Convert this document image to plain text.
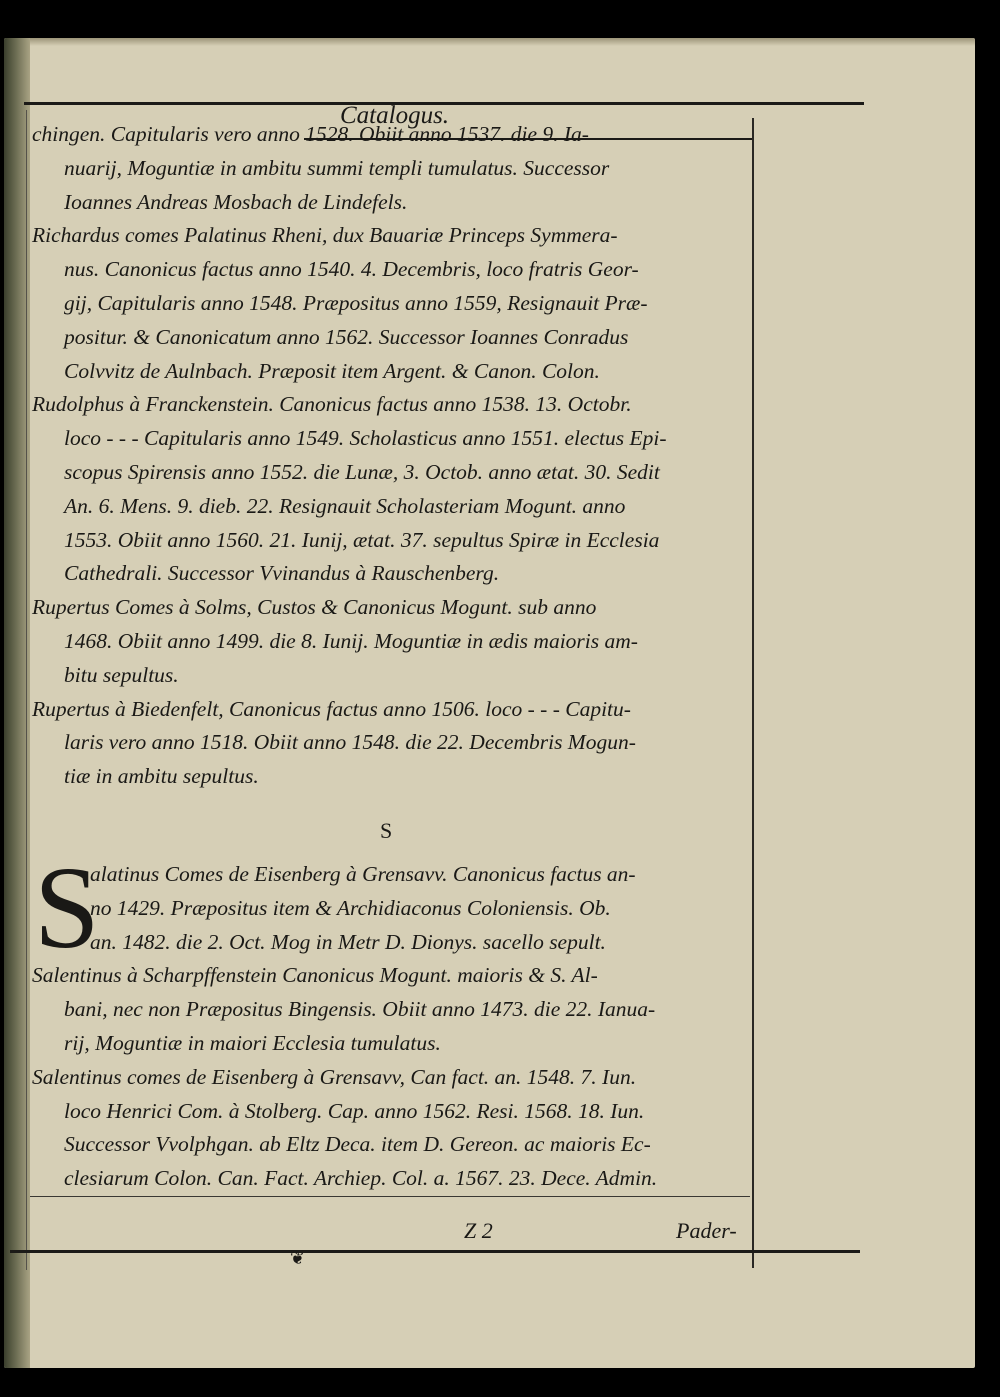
Catalogus.
chingen. Capitularis vero anno 1528. Obiit anno 1537. die 9. Ia-
nuarij, Moguntiæ in ambitu summi templi tumulatus. Successor
Ioannes Andreas Mosbach de Lindefels.
Richardus comes Palatinus Rheni, dux Bauariæ Princeps Symmera-
nus. Canonicus factus anno 1540. 4. Decembris, loco fratris Geor-
gij, Capitularis anno 1548. Præpositus anno 1559, Resignauit Præ-
positur. & Canonicatum anno 1562. Successor Ioannes Conradus
Colvvitz de Aulnbach. Præposit item Argent. & Canon. Colon.
Rudolphus à Franckenstein. Canonicus factus anno 1538. 13. Octobr.
loco - - - Capitularis anno 1549. Scholasticus anno 1551. electus Epi-
scopus Spirensis anno 1552. die Lunæ, 3. Octob. anno ætat. 30. Sedit
An. 6. Mens. 9. dieb. 22. Resignauit Scholasteriam Mogunt. anno
1553. Obiit anno 1560. 21. Iunij, ætat. 37. sepultus Spiræ in Ecclesia
Cathedrali. Successor Vvinandus à Rauschenberg.
Rupertus Comes à Solms, Custos & Canonicus Mogunt. sub anno
1468. Obiit anno 1499. die 8. Iunij. Moguntiæ in ædis maioris am-
bitu sepultus.
Rupertus à Biedenfelt, Canonicus factus anno 1506. loco - - - Capitu-
laris vero anno 1518. Obiit anno 1548. die 22. Decembris Mogun-
tiæ in ambitu sepultus.
S
S
alatinus Comes de Eisenberg à Grensavv. Canonicus factus an-
no 1429. Præpositus item & Archidiaconus Coloniensis. Ob.
an. 1482. die 2. Oct. Mog in Metr D. Dionys. sacello sepult.
Salentinus à Scharpffenstein Canonicus Mogunt. maioris & S. Al-
bani, nec non Præpositus Bingensis. Obiit anno 1473. die 22. Ianua-
rij, Moguntiæ in maiori Ecclesia tumulatus.
Salentinus comes de Eisenberg à Grensavv, Can fact. an. 1548. 7. Iun.
loco Henrici Com. à Stolberg. Cap. anno 1562. Resi. 1568. 18. Iun.
Successor Vvolphgan. ab Eltz Deca. item D. Gereon. ac maioris Ec-
clesiarum Colon. Can. Fact. Archiep. Col. a. 1567. 23. Dece. Admin.
Z 2	Pader-
❦
